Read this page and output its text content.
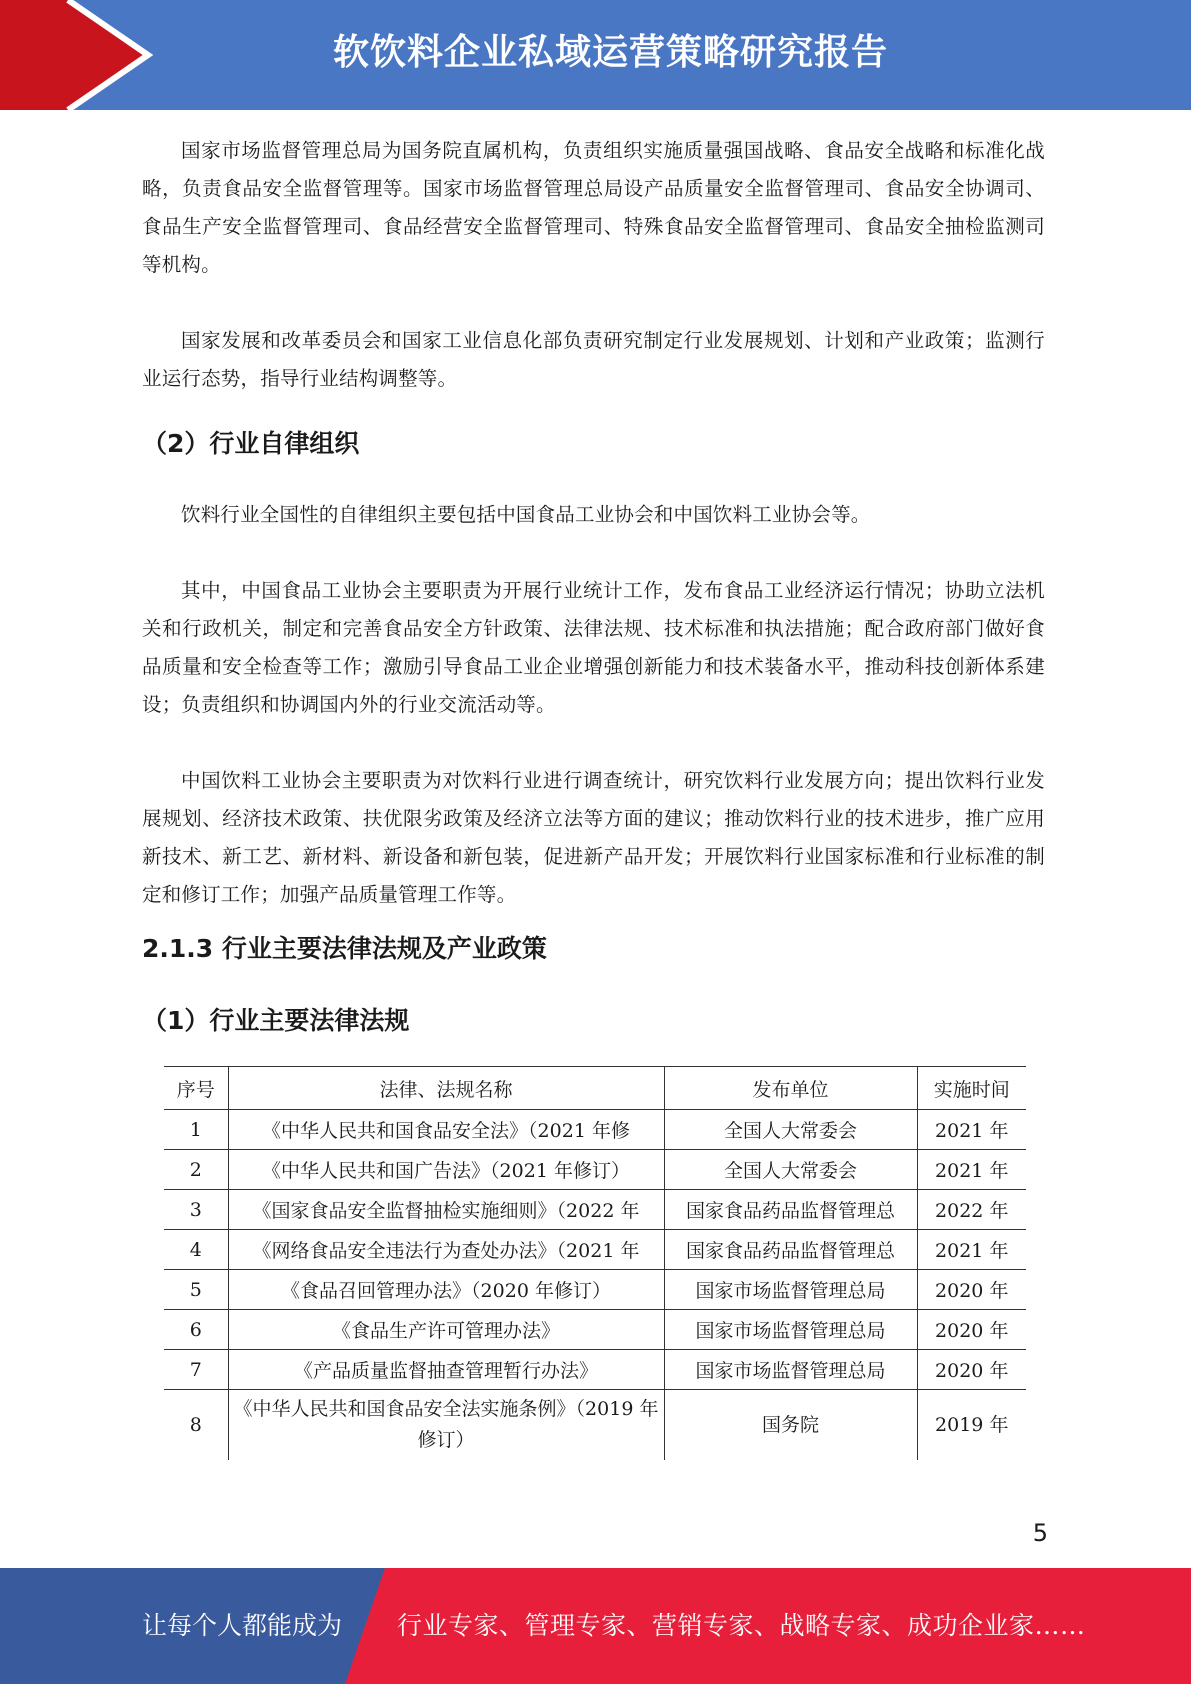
软饮料企业私域运营策略研究报告

国家市场监督管理总局为国务院直属机构，负责组织实施质量强国战略、食品安全战略和标准化战略，负责食品安全监督管理等。国家市场监督管理总局设产品质量安全监督管理司、食品安全协调司、食品生产安全监督管理司、食品经营安全监督管理司、特殊食品安全监督管理司、食品安全抽检监测司等机构。

国家发展和改革委员会和国家工业信息化部负责研究制定行业发展规划、计划和产业政策；监测行业运行态势，指导行业结构调整等。

（2）行业自律组织

饮料行业全国性的自律组织主要包括中国食品工业协会和中国饮料工业协会等。

其中，中国食品工业协会主要职责为开展行业统计工作，发布食品工业经济运行情况；协助立法机关和行政机关，制定和完善食品安全方针政策、法律法规、技术标准和执法措施；配合政府部门做好食品质量和安全检查等工作；激励引导食品工业企业增强创新能力和技术装备水平，推动科技创新体系建设；负责组织和协调国内外的行业交流活动等。

中国饮料工业协会主要职责为对饮料行业进行调查统计，研究饮料行业发展方向；提出饮料行业发展规划、经济技术政策、扶优限劣政策及经济立法等方面的建议；推动饮料行业的技术进步，推广应用新技术、新工艺、新材料、新设备和新包装，促进新产品开发；开展饮料行业国家标准和行业标准的制定和修订工作；加强产品质量管理工作等。

2.1.3 行业主要法律法规及产业政策
（1）行业主要法律法规
序号	法律、法规名称	发布单位	实施时间
1	《中华人民共和国食品安全法》（2021 年修	全国人大常委会	2021 年
2	《中华人民共和国广告法》（2021 年修订）	全国人大常委会	2021 年
3	《国家食品安全监督抽检实施细则》（2022 年	国家食品药品监督管理总	2022 年
4	《网络食品安全违法行为查处办法》（2021 年	国家食品药品监督管理总	2021 年
5	《食品召回管理办法》（2020 年修订）	国家市场监督管理总局	2020 年
6	《食品生产许可管理办法》	国家市场监督管理总局	2020 年
7	《产品质量监督抽查管理暂行办法》	国家市场监督管理总局	2020 年
8	《中华人民共和国食品安全法实施条例》（2019 年修订）	国务院	2019 年
5
让每个人都能成为 行业专家、管理专家、营销专家、战略专家、成功企业家……
